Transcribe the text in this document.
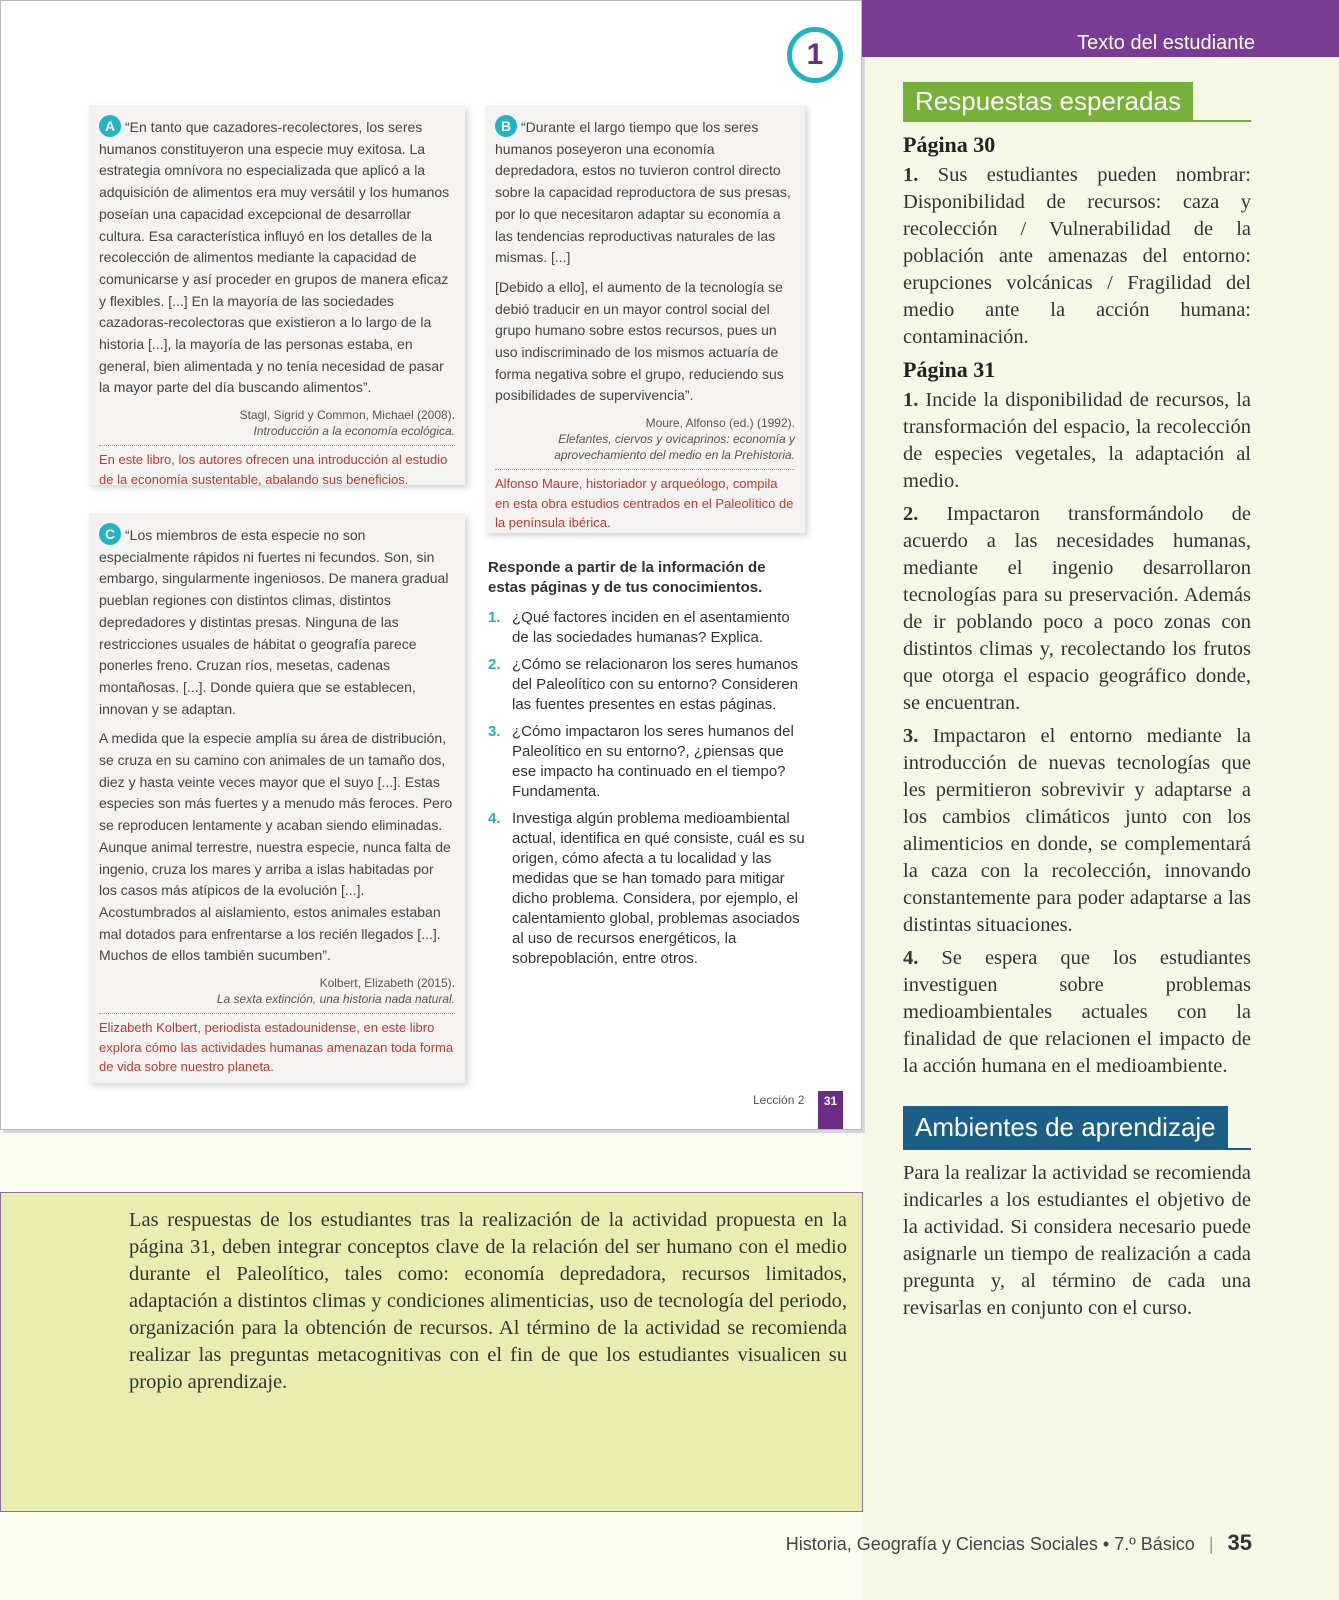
1

A “En tanto que cazadores-recolectores, los seres humanos constituyeron una especie muy exitosa. La estrategia omnívora no especializada que aplicó a la adquisición de alimentos era muy versátil y los humanos poseían una capacidad excepcional de desarrollar cultura. Esa característica influyó en los detalles de la recolección de alimentos mediante la capacidad de comunicarse y así proceder en grupos de manera eficaz y flexibles. [...] En la mayoría de las sociedades cazadoras-recolectoras que existieron a lo largo de la historia [...], la mayoría de las personas estaba, en general, bien alimentada y no tenía necesidad de pasar la mayor parte del día buscando alimentos”.

Stagl, Sigrid y Common, Michael (2008).
Introducción a la economía ecológica.
En este libro, los autores ofrecen una introducción al estudio de la economía sustentable, abalando sus beneficios.

B “Durante el largo tiempo que los seres humanos poseyeron una economía depredadora, estos no tuvieron control directo sobre la capacidad reproductora de sus presas, por lo que necesitaron adaptar su economía a las tendencias reproductivas naturales de las mismas. [...]

[Debido a ello], el aumento de la tecnología se debió traducir en un mayor control social del grupo humano sobre estos recursos, pues un uso indiscriminado de los mismos actuaría de forma negativa sobre el grupo, reduciendo sus posibilidades de supervivencia”.

Moure, Alfonso (ed.) (1992).
Elefantes, ciervos y ovicaprinos: economía y aprovechamiento del medio en la Prehistoria.
Alfonso Maure, historiador y arqueólogo, compila en esta obra estudios centrados en el Paleolítico de la península ibérica.

C “Los miembros de esta especie no son especialmente rápidos ni fuertes ni fecundos. Son, sin embargo, singularmente ingeniosos. De manera gradual pueblan regiones con distintos climas, distintos depredadores y distintas presas. Ninguna de las restricciones usuales de hábitat o geografía parece ponerles freno. Cruzan ríos, mesetas, cadenas montañosas. [...]. Donde quiera que se establecen, innovan y se adaptan.

A medida que la especie amplía su área de distribución, se cruza en su camino con animales de un tamaño dos, diez y hasta veinte veces mayor que el suyo [...]. Estas especies son más fuertes y a menudo más feroces. Pero se reproducen lentamente y acaban siendo eliminadas. Aunque animal terrestre, nuestra especie, nunca falta de ingenio, cruza los mares y arriba a islas habitadas por los casos más atípicos de la evolución [...]. Acostumbrados al aislamiento, estos animales estaban mal dotados para enfrentarse a los recién llegados [...]. Muchos de ellos también sucumben”.

Kolbert, Elizabeth (2015).
La sexta extinción, una historia nada natural.
Elizabeth Kolbert, periodista estadounidense, en este libro explora cómo las actividades humanas amenazan toda forma de vida sobre nuestro planeta.
Responde a partir de la información de estas páginas y de tus conocimientos.
1. ¿Qué factores inciden en el asentamiento de las sociedades humanas? Explica.
2. ¿Cómo se relacionaron los seres humanos del Paleolítico con su entorno? Consideren las fuentes presentes en estas páginas.
3. ¿Cómo impactaron los seres humanos del Paleolítico en su entorno?, ¿piensas que ese impacto ha continuado en el tiempo? Fundamenta.
4. Investiga algún problema medioambiental actual, identifica en qué consiste, cuál es su origen, cómo afecta a tu localidad y las medidas que se han tomado para mitigar dicho problema. Considera, por ejemplo, el calentamiento global, problemas asociados al uso de recursos energéticos, la sobrepoblación, entre otros.
Lección 2	31
Texto del estudiante
Respuestas esperadas
Página 30

1. Sus estudiantes pueden nombrar: Disponibilidad de recursos: caza y recolección / Vulnerabilidad de la población ante amenazas del entorno: erupciones volcánicas / Fragilidad del medio ante la acción humana: contaminación.

Página 31

1. Incide la disponibilidad de recursos, la transformación del espacio, la recolección de especies vegetales, la adaptación al medio.

2. Impactaron transformándolo de acuerdo a las necesidades humanas, mediante el ingenio desarrollaron tecnologías para su preservación. Además de ir poblando poco a poco zonas con distintos climas y, recolectando los frutos que otorga el espacio geográfico donde, se encuentran.

3. Impactaron el entorno mediante la introducción de nuevas tecnologías que les permitieron sobrevivir y adaptarse a los cambios climáticos junto con los alimenticios en donde, se complementará la caza con la recolección, innovando constantemente para poder adaptarse a las distintas situaciones.

4. Se espera que los estudiantes investiguen sobre problemas medioambientales actuales con la finalidad de que relacionen el impacto de la acción humana en el medioambiente.

Ambientes de aprendizaje

Para la realizar la actividad se recomienda indicarles a los estudiantes el objetivo de la actividad. Si considera necesario puede asignarle un tiempo de realización a cada pregunta y, al término de cada una revisarlas en conjunto con el curso.

Las respuestas de los estudiantes tras la realización de la actividad propuesta en la página 31, deben integrar conceptos clave de la relación del ser humano con el medio durante el Paleolítico, tales como: economía depredadora, recursos limitados, adaptación a distintos climas y condiciones alimenticias, uso de tecnología del periodo, organización para la obtención de recursos. Al término de la actividad se recomienda realizar las preguntas metacognitivas con el fin de que los estudiantes visualicen su propio aprendizaje.
Historia, Geografía y Ciencias Sociales • 7.º Básico | 35
